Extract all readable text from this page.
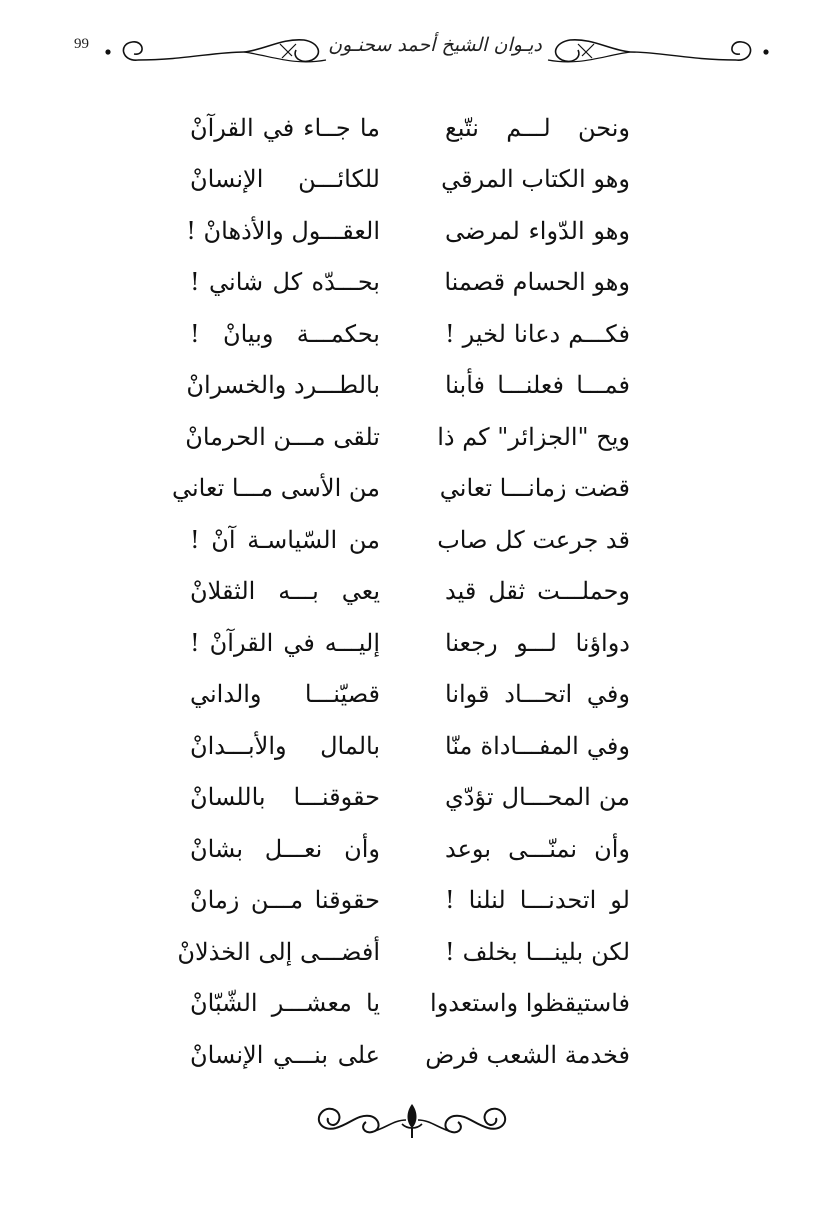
99	ديـوان الشيخ أحمد سحنـون
ونحن لـــم نتّبع
ما جــاء في القرآنْ
وهو الكتاب المرقي
للكائـــن الإنسانْ
وهو الدّواء لمرضى
العقـــول والأذهانْ !
وهو الحسام قصمنا
بحـــدّه كل شاني !
فكـــم دعانا لخير !
بحكمـــة وبيانْ !
فمـــا فعلنـــا فأبنا
بالطـــرد والخسرانْ
ويح "الجزائر" كم ذا
تلقى مـــن الحرمانْ
قضت زمانـــا تعاني
من الأسى مـــا تعاني
قد جرعت كل صاب
من السّياسـة آنْ !
وحملـــت ثقل قيد
يعي بـــه الثقلانْ
دواؤنا لـــو رجعنا
إليـــه في القرآنْ !
وفي اتحـــاد قوانا
قصيّنـــا والداني
وفي المفـــاداة منّا
بالمال والأبـــدانْ
من المحـــال تؤدّي
حقوقنـــا باللسانْ
وأن نمنّـــى بوعد
وأن نعـــل بشانْ
لو اتحدنـــا لنلنا !
حقوقنا مـــن زمانْ
لكن بلينـــا بخلف !
أفضـــى إلى الخذلانْ
فاستيقظوا واستعدوا
يا معشـــر الشّبّانْ
فخدمة الشعب فرض
على بنـــي الإنسانْ
